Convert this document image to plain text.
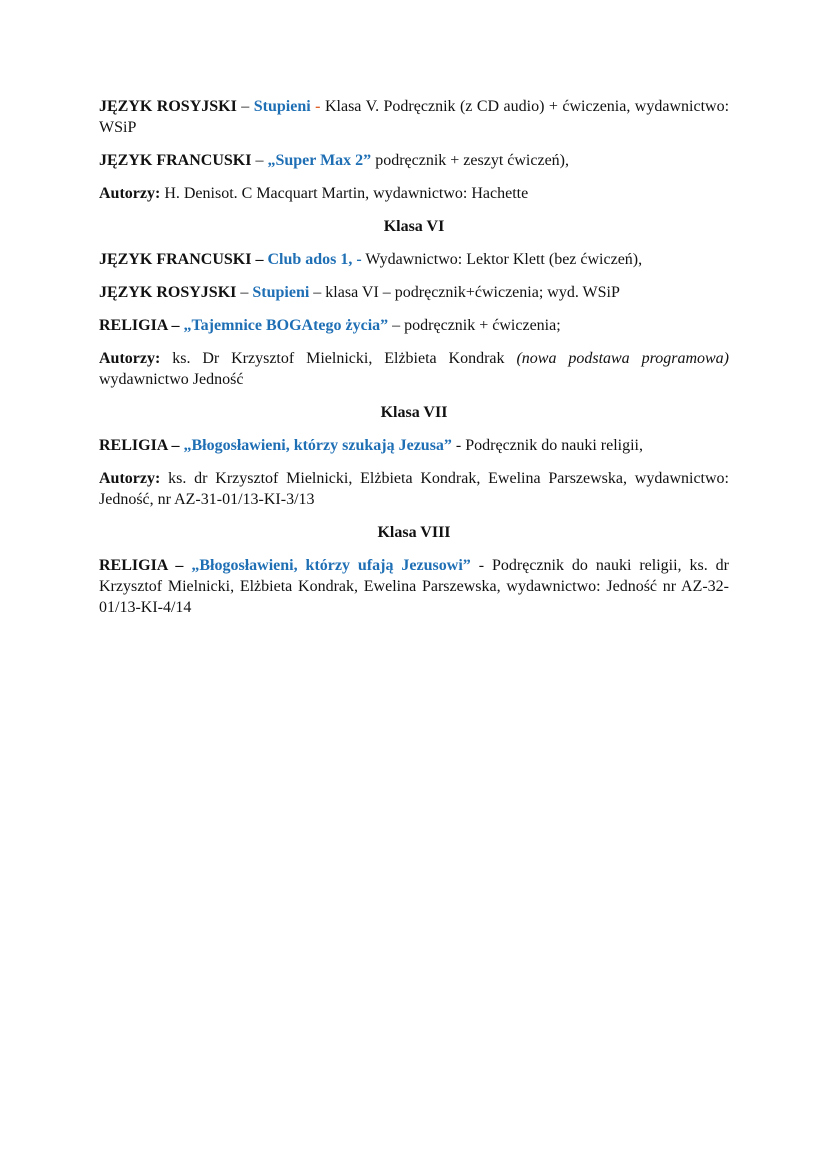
JĘZYK ROSYJSKI – Stupieni - Klasa V. Podręcznik (z CD audio) + ćwiczenia, wydawnictwo: WSiP

JĘZYK FRANCUSKI – „Super Max 2” podręcznik + zeszyt ćwiczeń),

Autorzy: H. Denisot. C Macquart Martin, wydawnictwo: Hachette

Klasa VI

JĘZYK FRANCUSKI – Club ados 1, - Wydawnictwo: Lektor Klett (bez ćwiczeń),

JĘZYK ROSYJSKI – Stupieni – klasa VI – podręcznik+ćwiczenia; wyd. WSiP

RELIGIA – „Tajemnice BOGAtego życia” – podręcznik + ćwiczenia;

Autorzy: ks. Dr Krzysztof Mielnicki, Elżbieta Kondrak (nowa podstawa programowa) wydawnictwo Jedność

Klasa VII

RELIGIA – „Błogosławieni, którzy szukają Jezusa” - Podręcznik do nauki religii,

Autorzy: ks. dr Krzysztof Mielnicki, Elżbieta Kondrak, Ewelina Parszewska, wydawnictwo: Jedność, nr AZ-31-01/13-KI-3/13

Klasa VIII

RELIGIA – „Błogosławieni, którzy ufają Jezusowi” - Podręcznik do nauki religii, ks. dr Krzysztof Mielnicki, Elżbieta Kondrak, Ewelina Parszewska, wydawnictwo: Jedność nr AZ-32-01/13-KI-4/14
